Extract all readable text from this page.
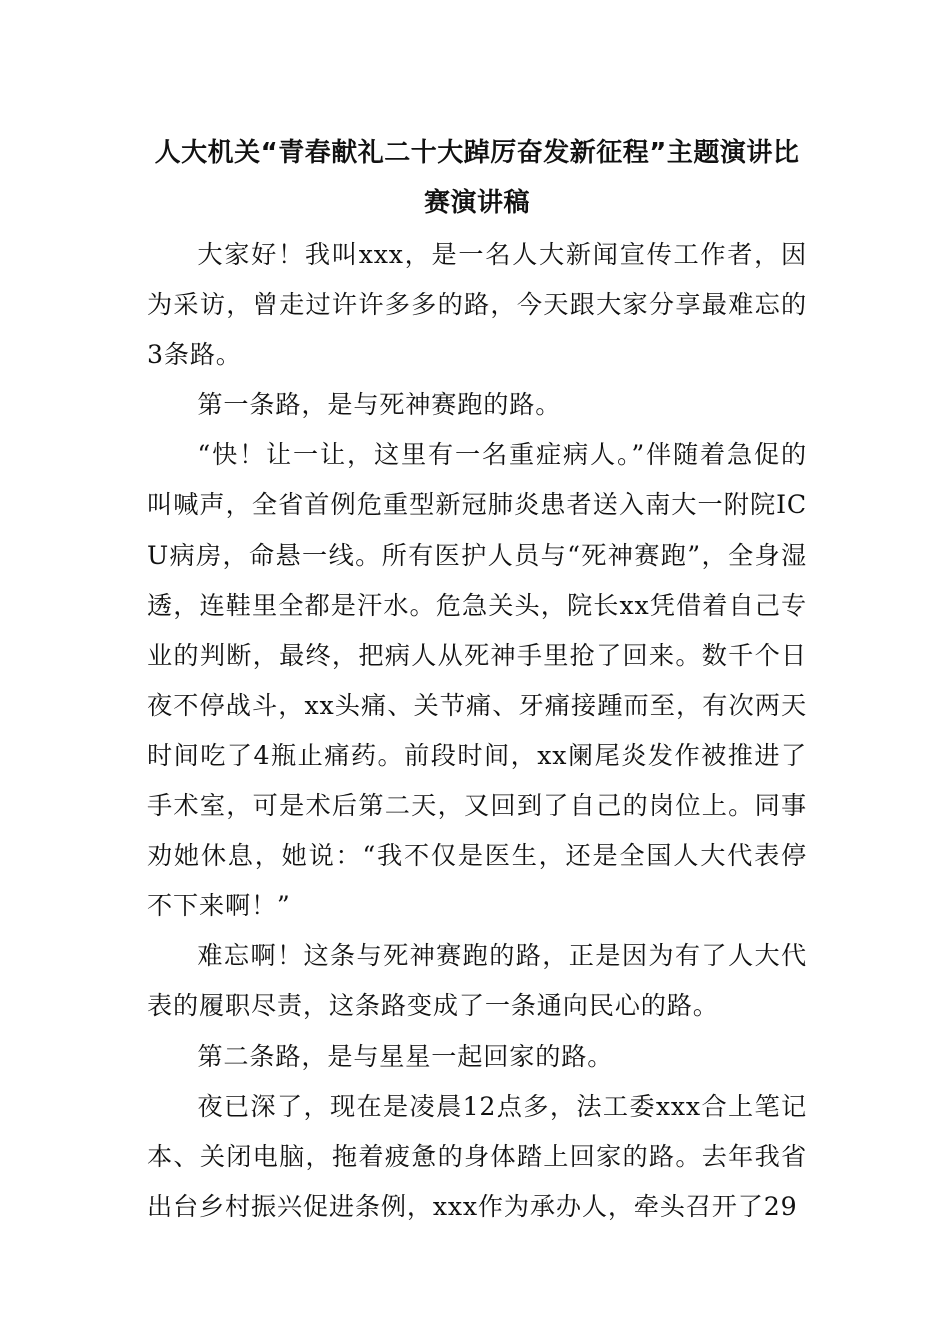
人大机关“青春献礼二十大踔厉奋发新征程”主题演讲比赛演讲稿

大家好！我叫xxx，是一名人大新闻宣传工作者，因为采访，曾走过许许多多的路，今天跟大家分享最难忘的3条路。

第一条路，是与死神赛跑的路。

“快！让一让，这里有一名重症病人。”伴随着急促的叫喊声，全省首例危重型新冠肺炎患者送入南大一附院ICU病房，命悬一线。所有医护人员与“死神赛跑”，全身湿透，连鞋里全都是汗水。危急关头，院长xx凭借着自己专业的判断，最终，把病人从死神手里抢了回来。数千个日夜不停战斗，xx头痛、关节痛、牙痛接踵而至，有次两天时间吃了4瓶止痛药。前段时间，xx阑尾炎发作被推进了手术室，可是术后第二天，又回到了自己的岗位上。同事劝她休息，她说：“我不仅是医生，还是全国人大代表停不下来啊！”

难忘啊！这条与死神赛跑的路，正是因为有了人大代表的履职尽责，这条路变成了一条通向民心的路。

第二条路，是与星星一起回家的路。

夜已深了，现在是凌晨12点多，法工委xxx合上笔记本、关闭电脑，拖着疲惫的身体踏上回家的路。去年我省出台乡村振兴促进条例，xxx作为承办人，牵头召开了29
